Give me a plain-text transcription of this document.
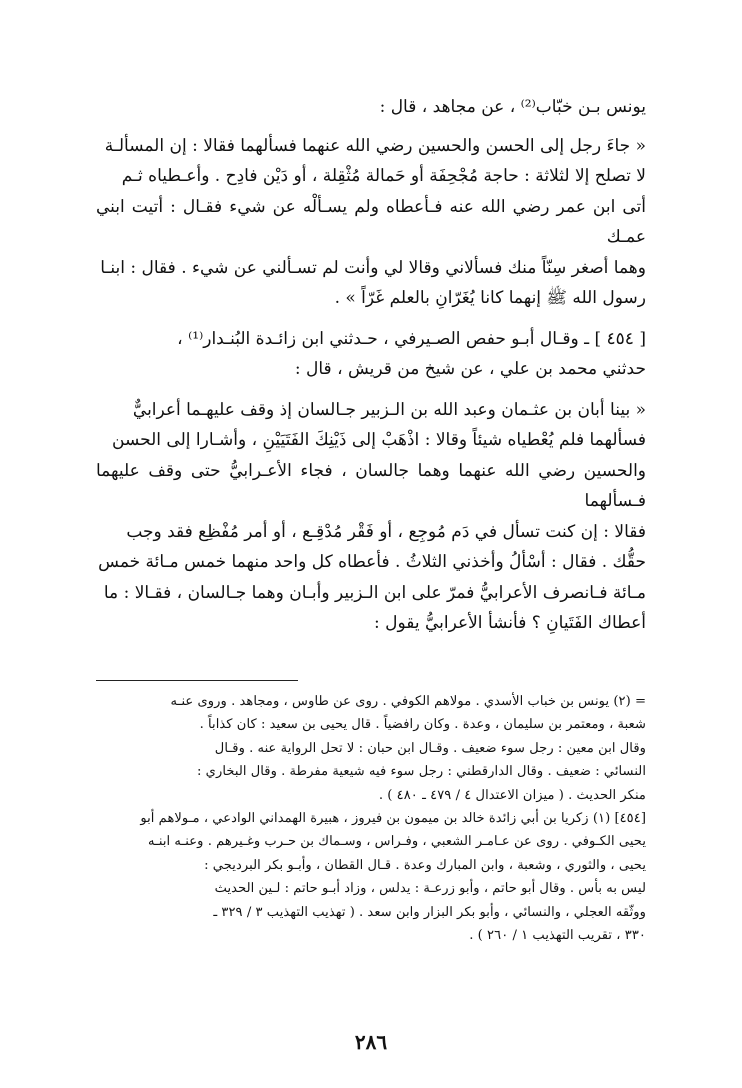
يونس بـن خبّاب⁽²⁾ ، عن مجاهد ، قال :

« جاءَ رجل إلى الحسن والحسين رضي الله عنهما فسألهما فقالا : إن المسألـة

لا تصلح إلا لثلاثة : حاجة مُجْحِفَة أو حَمالة مُثْقِلة ، أو دَيْن فادِح . وأعـطياه ثـم

أتى ابن عمر رضي الله عنه فـأعطاه ولم يسـألْه عن شيء فقـال : أتيت ابني عمـك

وهما أصغر سِنّاً منك فسألاني وقالا لي وأنت لم تسـألني عن شيء . فقال : ابنـا

رسول الله ﷺ إنهما كانا يُغَرّانِ بالعلم غَرّاً » .

[ ٤٥٤ ] ـ وقـال أبـو حفص الصـيرفي ، حـدثني ابن زائـدة البُنـدار⁽¹⁾ ،

حدثني محمد بن علي ، عن شيخ من قريش ، قال :

« بينا أبان بن عثـمان وعبد الله بن الـزبير جـالسان إذ وقف عليهـما أعرابيٌّ

فسألهما فلم يُعْطياه شيئاً وقالا : اذْهَبْ إلى ذَيْنِكَ الفَتَيَيْنِ ، وأشـارا إلى الحسن

والحسين رضي الله عنهما وهما جالسان ، فجاء الأعـرابيُّ حتى وقف عليهما فـسألهما

فقالا : إن كنت تسأل في دَم مُوجِع ، أو فَقْر مُدْقِـع ، أو أمر مُفْظِع فقد وجب

حقُّك . فقال : أسْألُ وأخذني الثلاثُ . فأعطاه كل واحد منهما خمس مـائة خمس

مـائة فـانصرف الأعرابيُّ فمرّ على ابن الـزبير وأبـان وهما جـالسان ، فقـالا : ما

أعطاك الفَتَيانِ ؟ فأنشأ الأعرابيُّ يقول :

= (٢) يونس بن خباب الأسدي . مولاهم الكوفي . روى عن طاوس ، ومجاهد . وروى عنـه

شعبة ، ومعتمر بن سليمان ، وعدة . وكان رافضياً . قال يحيى بن سعيد : كان كذاباً .

وقال ابن معين : رجل سوء ضعيف . وقـال ابن حبان : لا تحل الرواية عنه . وقـال

النسائي : ضعيف . وقال الدارقطني : رجل سوء فيه شيعية مفرطة . وقال البخاري :

منكر الحديث . ( ميزان الاعتدال ٤ / ٤٧٩ ـ ٤٨٠ ) .

[٤٥٤] (١) زكريا بن أبي زائدة خالد بن ميمون بن فيروز ، هبيرة الهمداني الوادعي ، مـولاهم أبو

يحيى الكـوفي . روى عن عـامـر الشعبي ، وفـراس ، وسـماك بن حـرب وغـيرهم . وعنـه ابنـه

يحيى ، والثوري ، وشعبة ، وابن المبارك وعدة . قـال القطان ، وأبـو بكر البرديجي :

ليس به بأس . وقال أبو حاتم ، وأبو زرعـة : يدلس ، وزاد أبـو حاتم : لـين الحديث

ووثّقه العجلي ، والنسائي ، وأبو بكر البزار وابن سعد . ( تهذيب التهذيب ٣ / ٣٢٩ ـ

٣٣٠ ، تقريب التهذيب ١ / ٢٦٠ ) .

٢٨٦
